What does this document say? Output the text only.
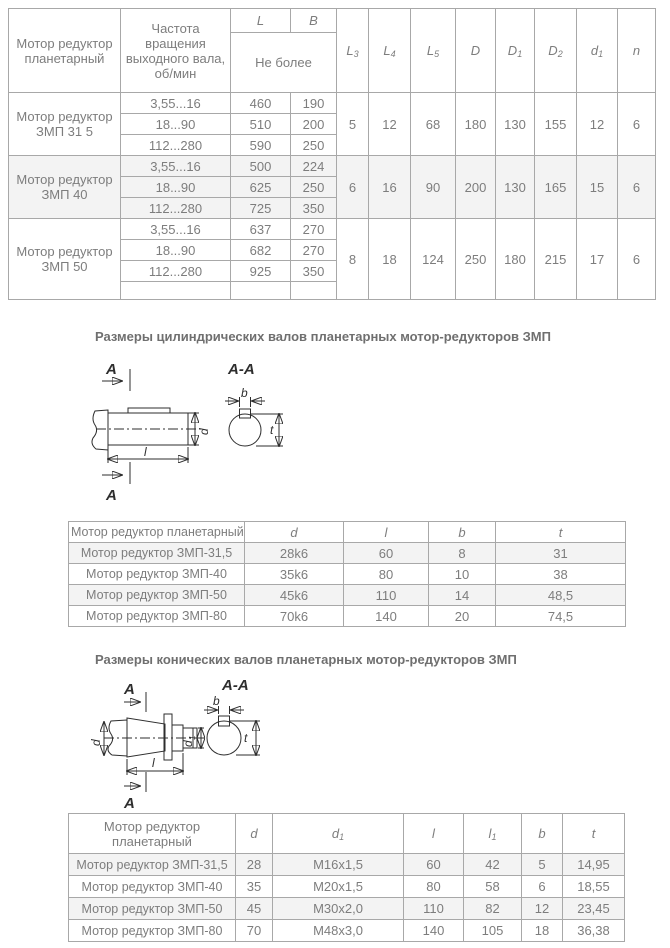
Мотор редуктор планетарный	Частота вращения выходного вала, об/мин	L	B	$L_3$	$L_4$	$L_5$	D	$D_1$	$D_2$	$d_1$	n
		Не более									
Мотор редуктор ЗМП 31 5	3,55...16	460	190	5	12	68	180	130	155	12	6
	18...90	510	200								
	112...280	590	250								
Мотор редуктор ЗМП 40	3,55...16	500	224	6	16	90	200	130	165	15	6
	18...90	625	250								
	112...280	725	350								
Мотор редуктор ЗМП 50	3,55...16	637	270	8	18	124	250	180	215	17	6
	18...90	682	270								
	112...280	925	350								

Размеры цилиндрических валов планетарных мотор-редукторов ЗМП
A
A
d
l
A-A
b
t
Мотор редуктор планетарный	d	l	b	t
Мотор редуктор ЗМП-31,5	28k6	60	8	31
Мотор редуктор ЗМП-40	35k6	80	10	38
Мотор редуктор ЗМП-50	45k6	110	14	48,5
Мотор редуктор ЗМП-80	70k6	140	20	74,5
Размеры конических валов планетарных мотор-редукторов ЗМП
A
A
d	d
1
l
A-A
b
t
Мотор редуктор планетарный	d	$d_1$	l	$l_1$	b	t
Мотор редуктор ЗМП-31,5	28	M16x1,5	60	42	5	14,95
Мотор редуктор ЗМП-40	35	M20x1,5	80	58	6	18,55
Мотор редуктор ЗМП-50	45	M30x2,0	110	82	12	23,45
Мотор редуктор ЗМП-80	70	M48x3,0	140	105	18	36,38
